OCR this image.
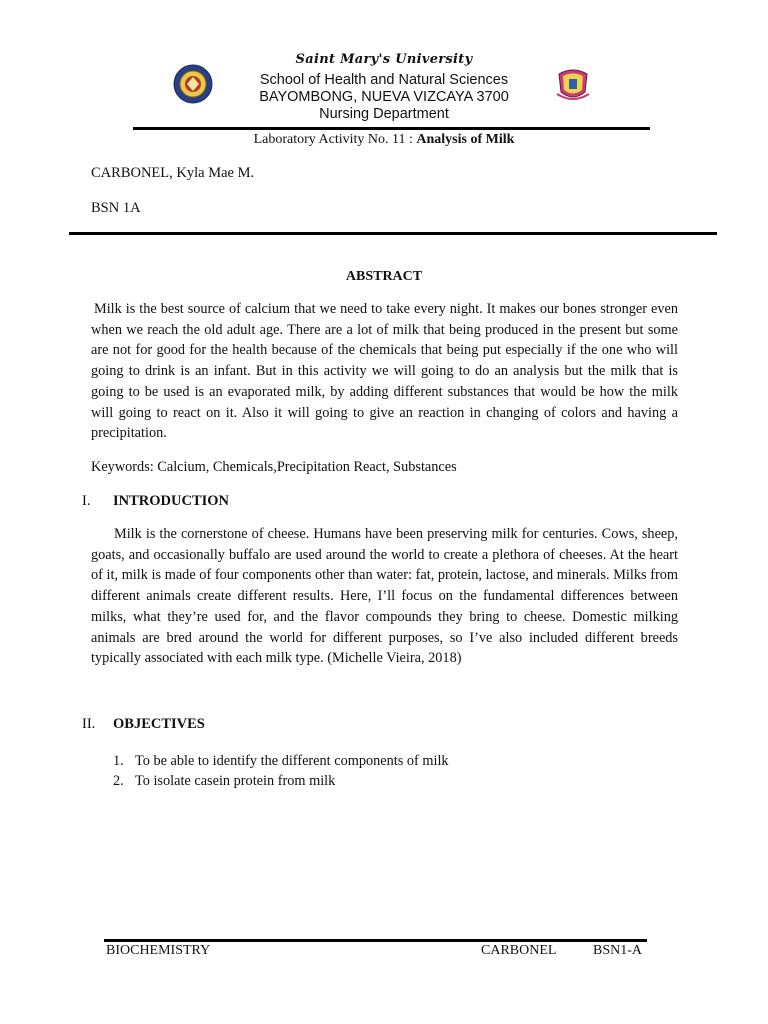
Saint Mary's University
School of Health and Natural Sciences
BAYOMBONG, NUEVA VIZCAYA 3700
Nursing Department
Laboratory Activity No. 11 : Analysis of Milk
CARBONEL, Kyla Mae M.
BSN 1A
ABSTRACT

Milk is the best source of calcium that we need to take every night. It makes our bones stronger even when we reach the old adult age. There are a lot of milk that being produced in the present but some are not for good for the health because of the chemicals that being put especially if the one who will going to drink is an infant. But in this activity we will going to do an analysis but the milk that is going to be used is an evaporated milk, by adding different substances that would be how the milk will going to react on it. Also it will going to give an reaction in changing of colors and having a precipitation.

Keywords: Calcium, Chemicals,Precipitation React, Substances
I. INTRODUCTION

Milk is the cornerstone of cheese. Humans have been preserving milk for centuries. Cows, sheep, goats, and occasionally buffalo are used around the world to create a plethora of cheeses. At the heart of it, milk is made of four components other than water: fat, protein, lactose, and minerals. Milks from different animals create different results. Here, I’ll focus on the fundamental differences between milks, what they’re used for, and the flavor compounds they bring to cheese. Domestic milking animals are bred around the world for different purposes, so I’ve also included different breeds typically associated with each milk type. (Michelle Vieira, 2018)

II. OBJECTIVES
1. To be able to identify the different components of milk
2. To isolate casein protein from milk
BIOCHEMISTRY	CARBONEL	BSN1-A
